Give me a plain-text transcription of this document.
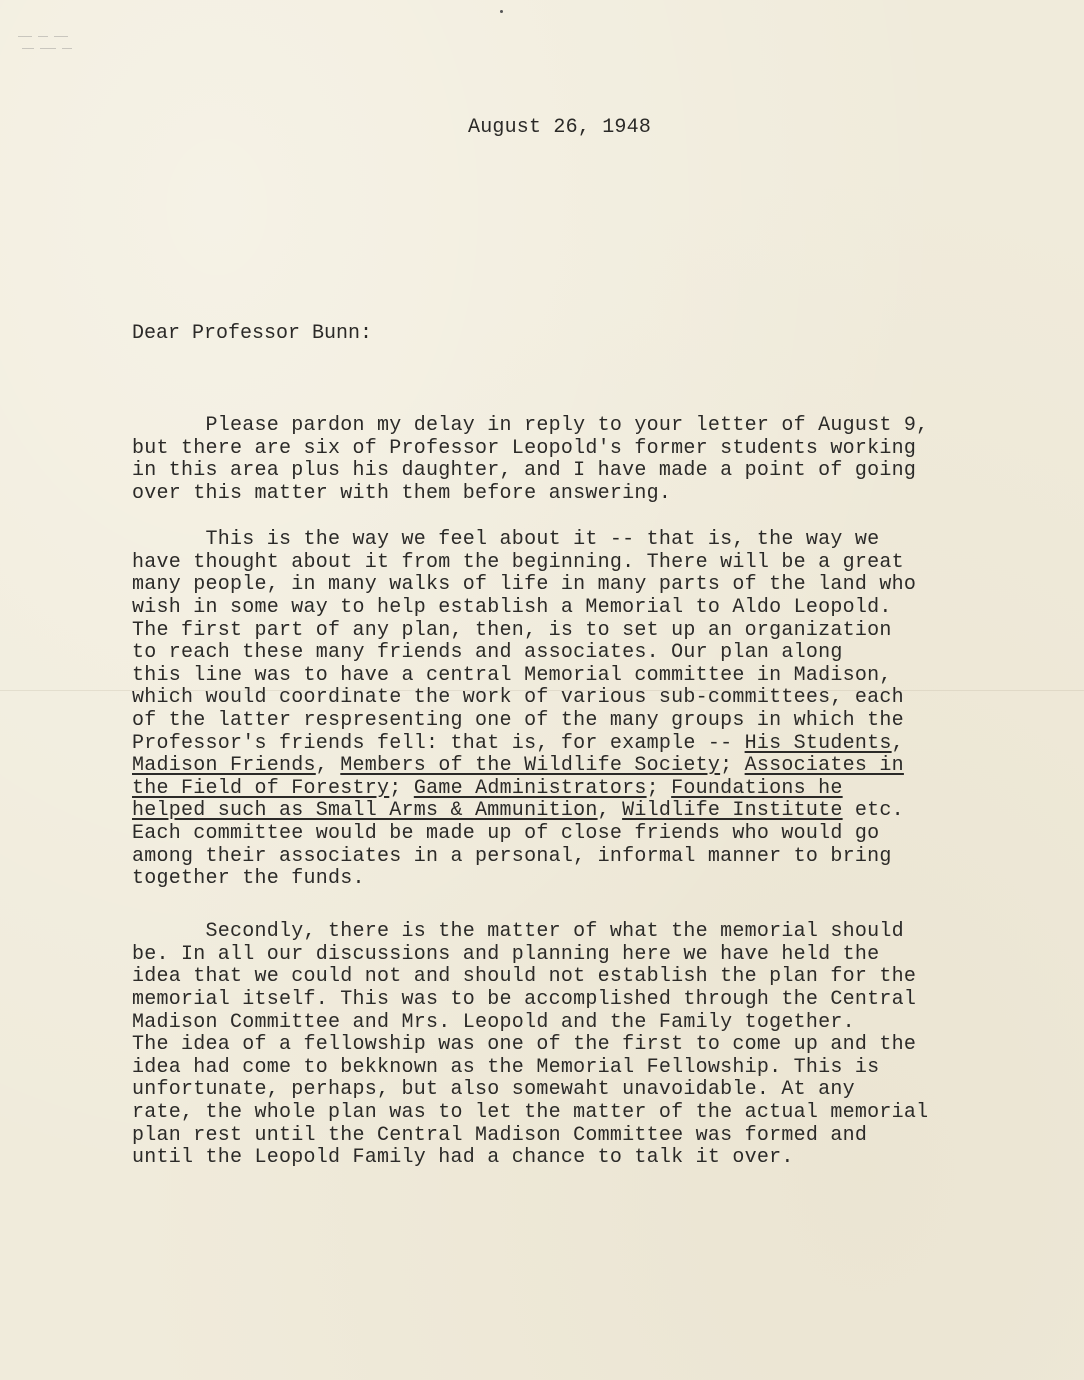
August 26, 1948
Dear Professor Bunn:

Please pardon my delay in reply to your letter of August 9,
but there are six of Professor Leopold's former students working
in this area plus his daughter, and I have made a point of going
over this matter with them before answering.

This is the way we feel about it -- that is, the way we
have thought about it from the beginning. There will be a great
many people, in many walks of life in many parts of the land who
wish in some way to help establish a Memorial to Aldo Leopold.
The first part of any plan, then, is to set up an organization
to reach these many friends and associates. Our plan along
this line was to have a central Memorial committee in Madison,
which would coordinate the work of various sub-committees, each
of the latter respresenting one of the many groups in which the
Professor's friends fell: that is, for example -- His Students,
Madison Friends, Members of the Wildlife Society; Associates in
the Field of Forestry; Game Administrators; Foundations he
helped such as Small Arms & Ammunition, Wildlife Institute etc.
Each committee would be made up of close friends who would go
among their associates in a personal, informal manner to bring
together the funds.

Secondly, there is the matter of what the memorial should
be. In all our discussions and planning here we have held the
idea that we could not and should not establish the plan for the
memorial itself. This was to be accomplished through the Central
Madison Committee and Mrs. Leopold and the Family together.
The idea of a fellowship was one of the first to come up and the
idea had come to bekknown as the Memorial Fellowship. This is
unfortunate, perhaps, but also somewaht unavoidable. At any
rate, the whole plan was to let the matter of the actual memorial
plan rest until the Central Madison Committee was formed and
until the Leopold Family had a chance to talk it over.
